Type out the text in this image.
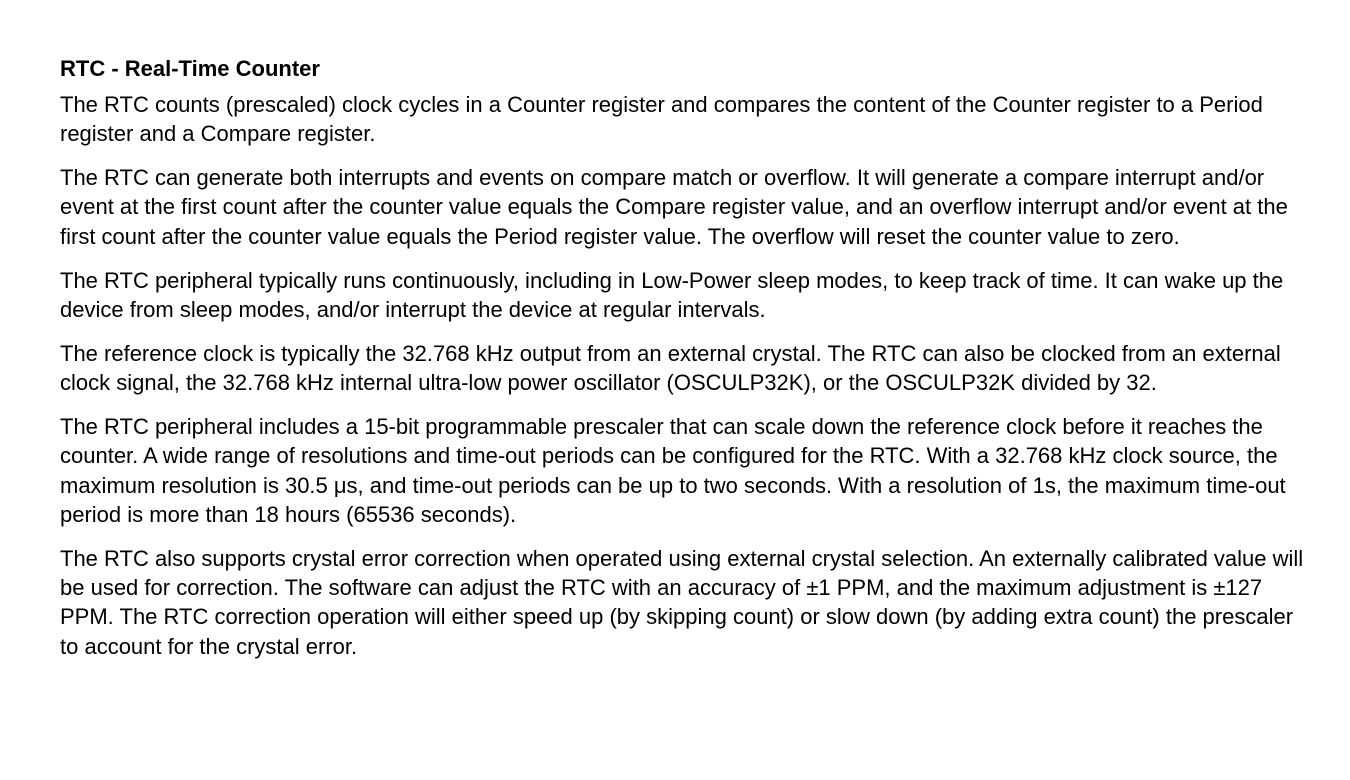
RTC - Real-Time Counter

The RTC counts (prescaled) clock cycles in a Counter register and compares the content of the Counter register to a Period register and a Compare register.

The RTC can generate both interrupts and events on compare match or overflow. It will generate a compare interrupt and/or event at the first count after the counter value equals the Compare register value, and an overflow interrupt and/or event at the first count after the counter value equals the Period register value. The overflow will reset the counter value to zero.

The RTC peripheral typically runs continuously, including in Low-Power sleep modes, to keep track of time. It can wake up the device from sleep modes, and/or interrupt the device at regular intervals.

The reference clock is typically the 32.768 kHz output from an external crystal. The RTC can also be clocked from an external clock signal, the 32.768 kHz internal ultra-low power oscillator (OSCULP32K), or the OSCULP32K divided by 32.

The RTC peripheral includes a 15-bit programmable prescaler that can scale down the reference clock before it reaches the counter. A wide range of resolutions and time-out periods can be configured for the RTC. With a 32.768 kHz clock source, the maximum resolution is 30.5 μs, and time-out periods can be up to two seconds. With a resolution of 1s, the maximum time-out period is more than 18 hours (65536 seconds).

The RTC also supports crystal error correction when operated using external crystal selection. An externally calibrated value will be used for correction. The software can adjust the RTC with an accuracy of ±1 PPM, and the maximum adjustment is ±127 PPM. The RTC correction operation will either speed up (by skipping count) or slow down (by adding extra count) the prescaler to account for the crystal error.
